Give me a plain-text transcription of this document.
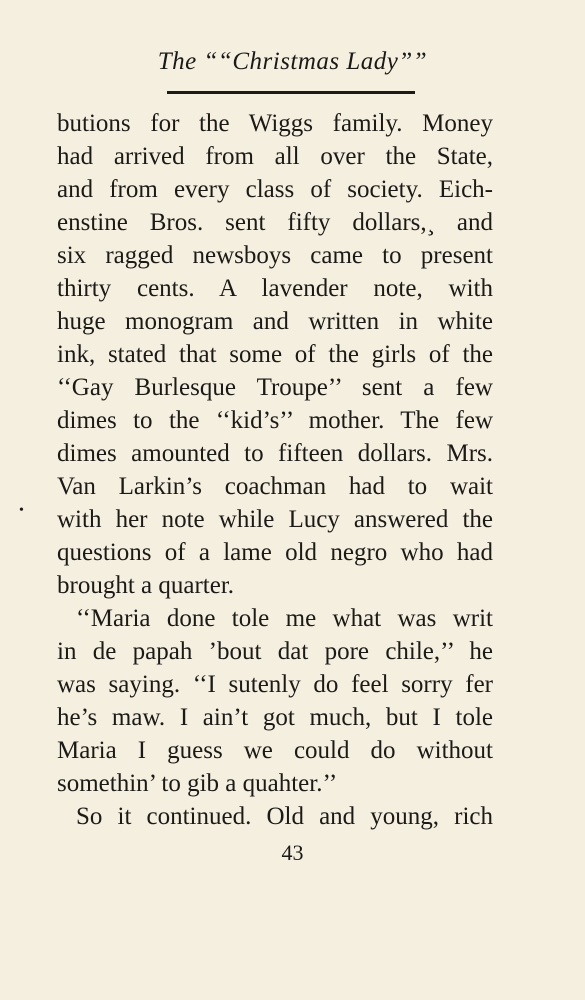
The ““Christmas Lady””
•
butions for the Wiggs family. Money
had arrived from all over the State,
and from every class of society. Eich-
enstine Bros. sent fifty dollars,¸ and
six ragged newsboys came to present
thirty cents. A lavender note, with
huge monogram and written in white
ink, stated that some of the girls of the
‘‘Gay Burlesque Troupe’’ sent a few
dimes to the ‘‘kid’s’’ mother. The few
dimes amounted to fifteen dollars. Mrs.
Van Larkin’s coachman had to wait
with her note while Lucy answered the
questions of a lame old negro who had
brought a quarter.
‘‘Maria done tole me what was writ
in de papah ’bout dat pore chile,’’ he
was saying. ‘‘I sutenly do feel sorry fer
he’s maw. I ain’t got much, but I tole
Maria I guess we could do without
somethin’ to gib a quahter.’’
So it continued. Old and young, rich
43
